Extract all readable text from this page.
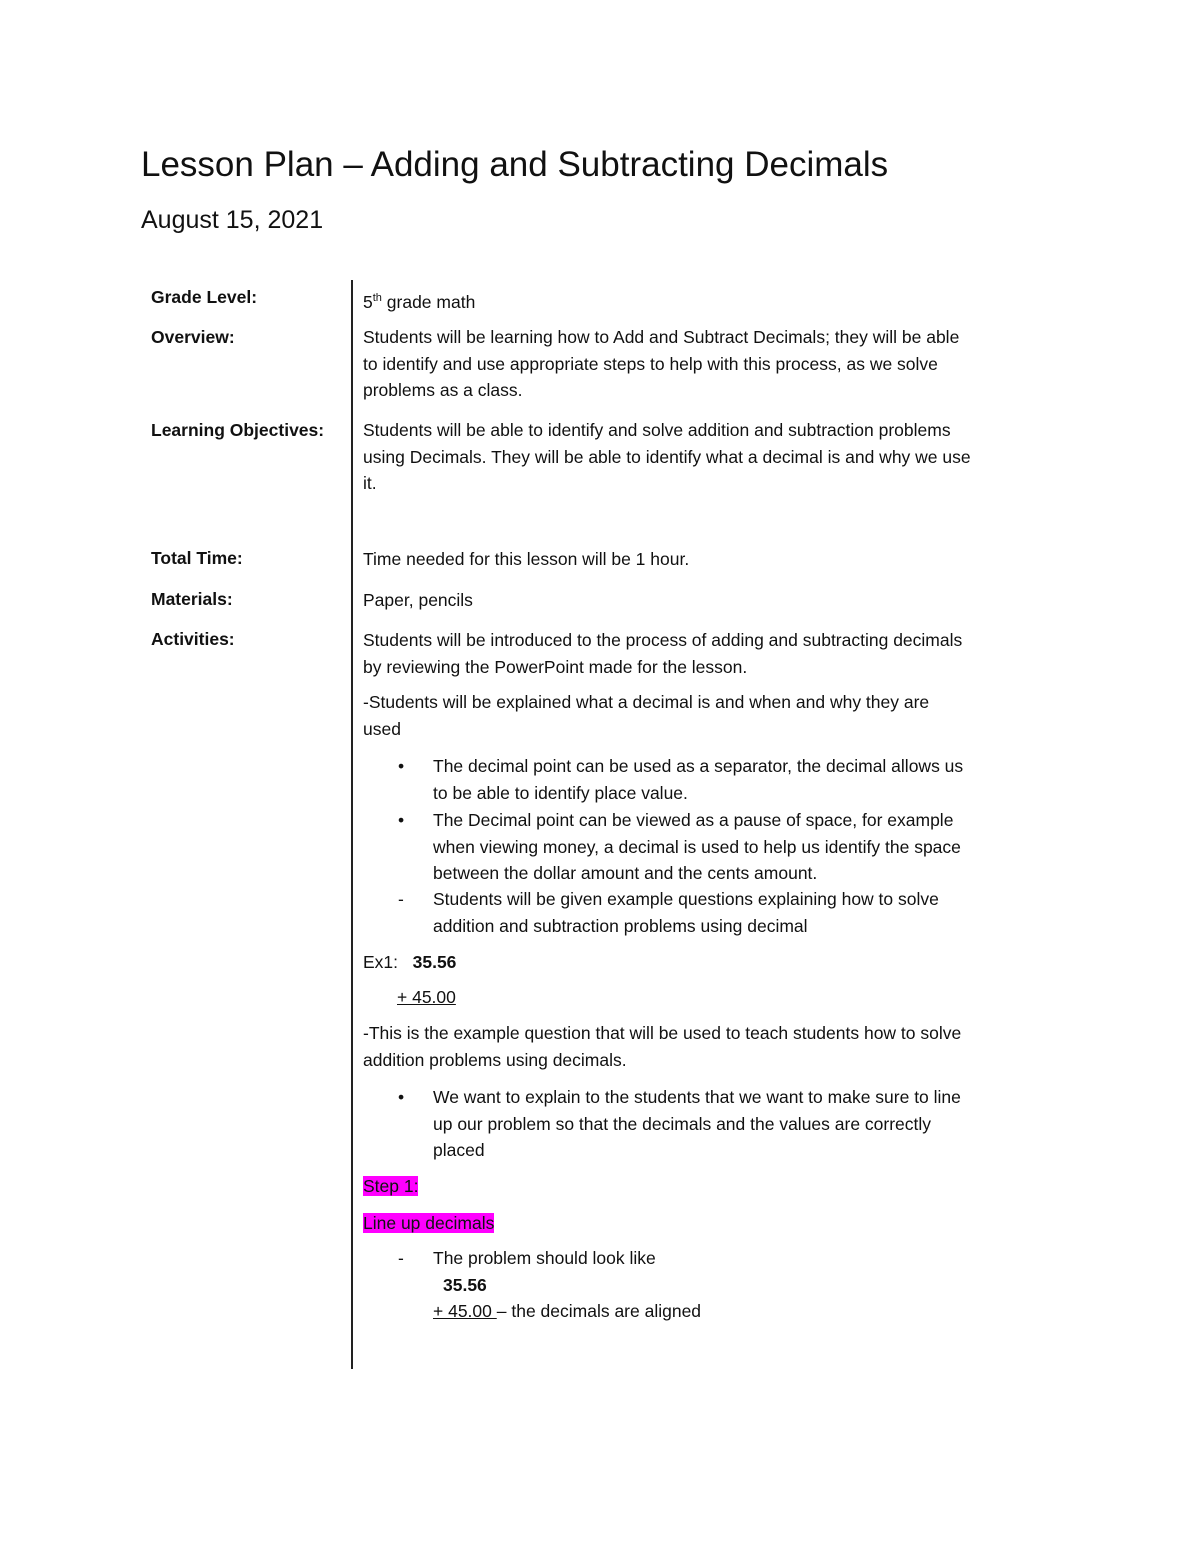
Lesson Plan – Adding and Subtracting Decimals
August 15, 2021
Grade Level:	5th grade math
Overview:	Students will be learning how to Add and Subtract Decimals; they will be able
to identify and use appropriate steps to help with this process, as we solve
problems as a class.
Learning Objectives: Students will be able to identify and solve addition and subtraction problems
using Decimals. They will be able to identify what a decimal is and why we use
it.
Total Time:	Time needed for this lesson will be 1 hour.
Materials:	Paper, pencils
Activities:	Students will be introduced to the process of adding and subtracting decimals
by reviewing the PowerPoint made for the lesson.
-Students will be explained what a decimal is and when and why they are
used
• The decimal point can be used as a separator, the decimal allows us
to be able to identify place value.
• The Decimal point can be viewed as a pause of space, for example
when viewing money, a decimal is used to help us identify the space
between the dollar amount and the cents amount.
- Students will be given example questions explaining how to solve
addition and subtraction problems using decimal
Ex1: 35.56
+ 45.00
-This is the example question that will be used to teach students how to solve
addition problems using decimals.
• We want to explain to the students that we want to make sure to line
up our problem so that the decimals and the values are correctly
placed
Step 1:
Line up decimals
- The problem should look like
35.56
+ 45.00 – the decimals are aligned
